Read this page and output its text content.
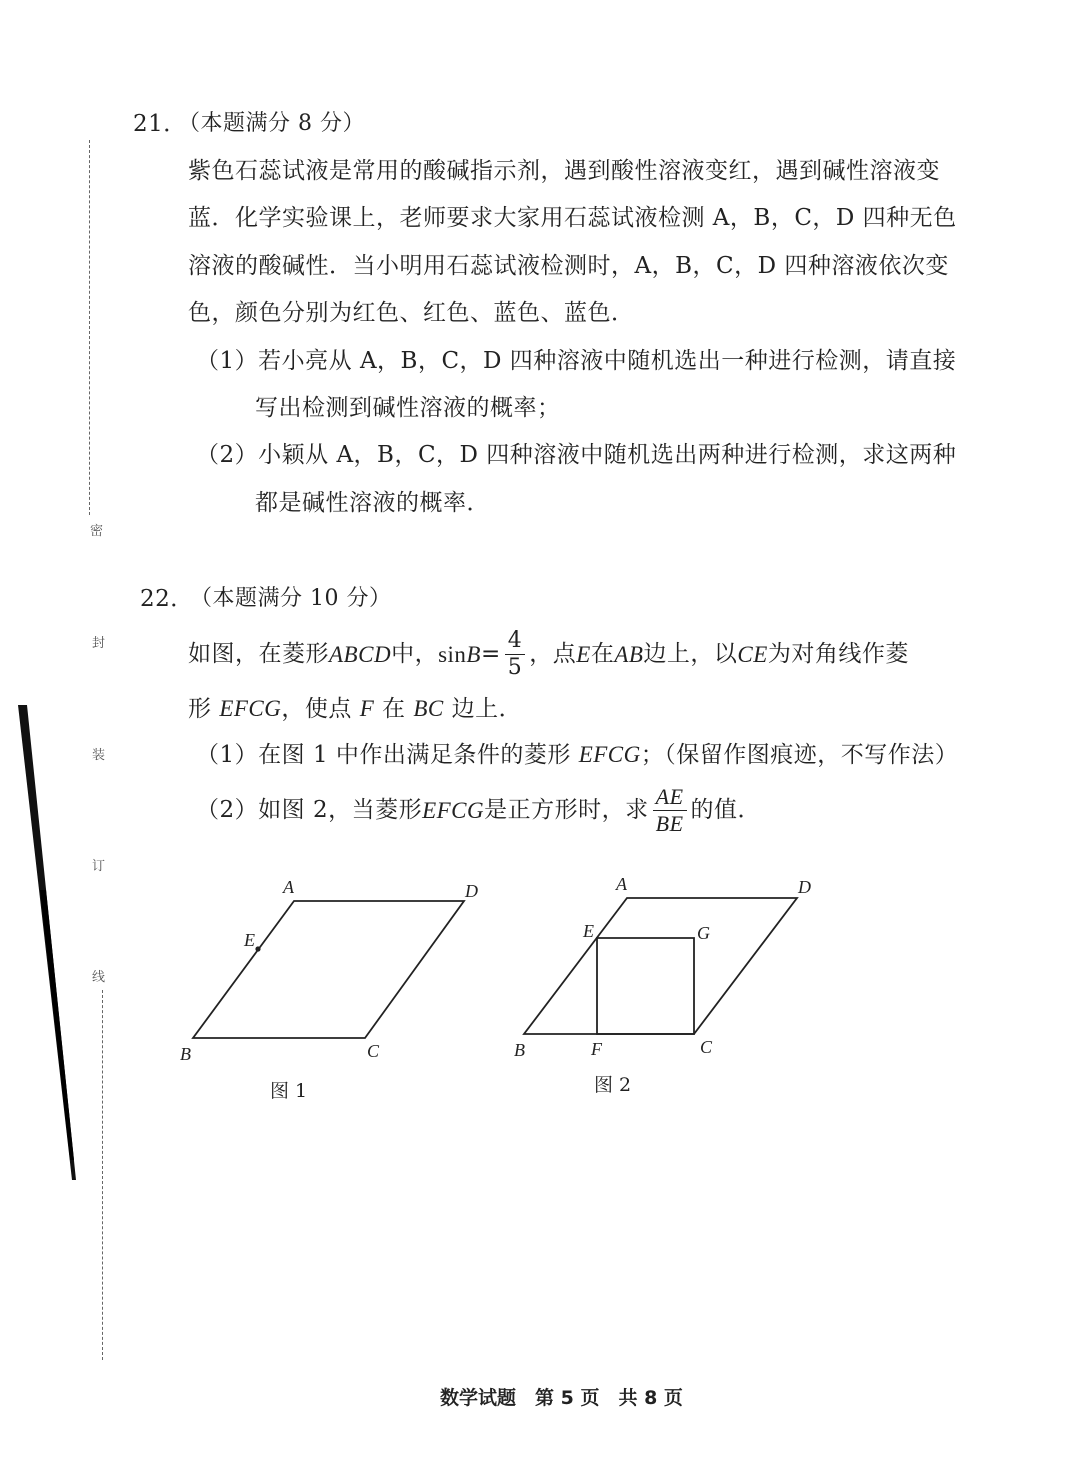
密
封
装
订
线
21．
（本题满分 8 分）
紫色石蕊试液是常用的酸碱指示剂，遇到酸性溶液变红，遇到碱性溶液变
蓝．化学实验课上，老师要求大家用石蕊试液检测 A，B，C，D 四种无色
溶液的酸碱性．当小明用石蕊试液检测时，A，B，C，D 四种溶液依次变
色，颜色分别为红色、红色、蓝色、蓝色．
（1）若小亮从 A，B，C，D 四种溶液中随机选出一种进行检测，请直接
写出检测到碱性溶液的概率；
（2）小颖从 A，B，C，D 四种溶液中随机选出两种进行检测，求这两种
都是碱性溶液的概率．
22．
（本题满分 10 分）
如图，在菱形 ABCD 中， $\sin B = \frac{4}{5}$ ，点 E 在 AB 边上，以 CE 为对角线作菱
形 EFCG，使点 F 在 BC 边上．
（1）在图 1 中作出满足条件的菱形 EFCG；（保留作图痕迹，不写作法）
（2）如图 2，当菱形 EFCG 是正方形时，求 $\frac{AE}{BE}$ 的值．
A	D
E
B	C
图 1
A	D
E	G
B	F	C
图 2
数学试题　第 5 页　共 8 页
